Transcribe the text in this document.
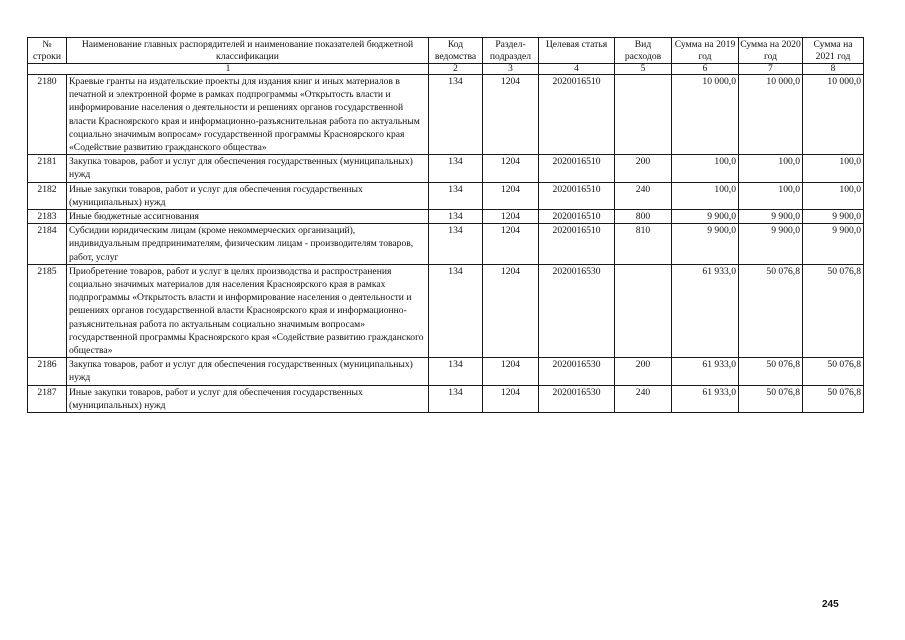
№ строки	Наименование главных распорядителей и наименование показателей бюджетной классификации	Код ведомства	Раздел-подраздел	Целевая статья	Вид расходов	Сумма на 2019 год	Сумма на 2020 год	Сумма на 2021 год
1		2	3	4	5	6	7	8
2180	Краевые гранты на издательские проекты для издания книг и иных материалов в печатной и электронной форме в рамках подпрограммы «Открытость власти и информирование населения о деятельности и решениях органов государственной власти Красноярского края и информационно-разъяснительная работа по актуальным социально значимым вопросам» государственной программы Красноярского края «Содействие развитию гражданского общества»	134	1204	2020016510		10 000,0	10 000,0	10 000,0
2181	Закупка товаров, работ и услуг для обеспечения государственных (муниципальных) нужд	134	1204	2020016510	200	100,0	100,0	100,0
2182	Иные закупки товаров, работ и услуг для обеспечения государственных (муниципальных) нужд	134	1204	2020016510	240	100,0	100,0	100,0
2183	Иные бюджетные ассигнования	134	1204	2020016510	800	9 900,0	9 900,0	9 900,0
2184	Субсидии юридическим лицам (кроме некоммерческих организаций), индивидуальным предпринимателям, физическим лицам - производителям товаров, работ, услуг	134	1204	2020016510	810	9 900,0	9 900,0	9 900,0
2185	Приобретение товаров, работ и услуг в целях производства и распространения социально значимых материалов для населения Красноярского края в рамках подпрограммы «Открытость власти и информирование населения о деятельности и решениях органов государственной власти Красноярского края и информационно-разъяснительная работа по актуальным социально значимым вопросам» государственной программы Красноярского края «Содействие развитию гражданского общества»	134	1204	2020016530		61 933,0	50 076,8	50 076,8
2186	Закупка товаров, работ и услуг для обеспечения государственных (муниципальных) нужд	134	1204	2020016530	200	61 933,0	50 076,8	50 076,8
2187	Иные закупки товаров, работ и услуг для обеспечения государственных (муниципальных) нужд	134	1204	2020016530	240	61 933,0	50 076,8	50 076,8
245
